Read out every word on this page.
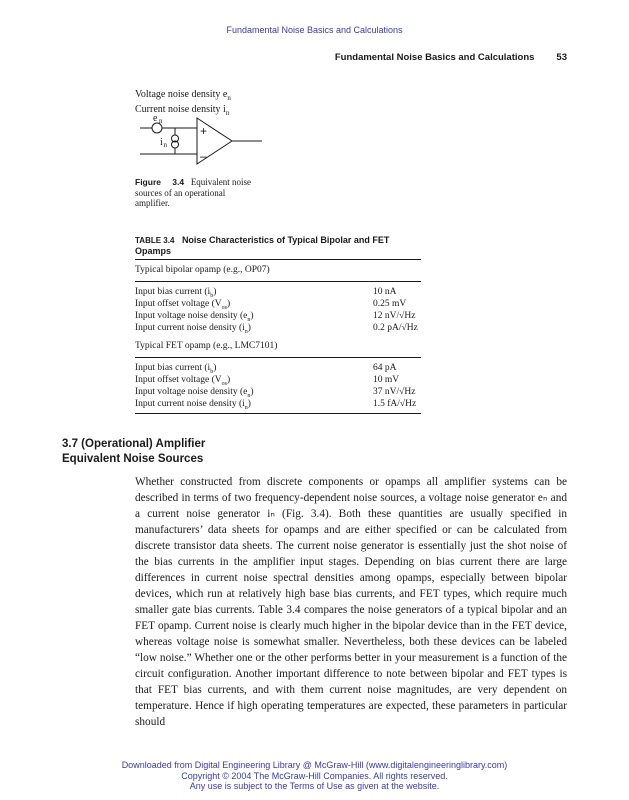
Fundamental Noise Basics and Calculations
Fundamental Noise Basics and Calculations 53
Voltage noise density $e_n$
Current noise density $i_n$
e n
i n
+
–
Figure 3.4 Equivalent noise sources of an operational amplifier.
TABLE 3.4 Noise Characteristics of Typical Bipolar and FET Opamps
Typical bipolar opamp (e.g., OP07)
Input bias current $(i_b)$	10 nA
Input offset voltage $(V_{os})$	0.25 mV
Input voltage noise density $(e_n)$	12 nV/√Hz
Input current noise density $(i_n)$	0.2 pA/√Hz
Typical FET opamp (e.g., LMC7101)
Input bias current $(i_b)$	64 pA
Input offset voltage $(V_{os})$	10 mV
Input voltage noise density $(e_n)$	37 nV/√Hz
Input current noise density $(i_n)$	1.5 fA/√Hz
3.7 (Operational) Amplifier
Equivalent Noise Sources
Whether constructed from discrete components or opamps all amplifier systems can be described in terms of two frequency-dependent noise sources, a voltage noise generator eₙ and a current noise generator iₙ (Fig. 3.4). Both these quantities are usually specified in manufacturers’ data sheets for opamps and are either specified or can be calculated from discrete transistor data sheets. The current noise generator is essentially just the shot noise of the bias currents in the amplifier input stages. Depending on bias current there are large differences in current noise spectral densities among opamps, especially between bipolar devices, which run at relatively high base bias currents, and FET types, which require much smaller gate bias currents. Table 3.4 compares the noise generators of a typical bipolar and an FET opamp. Current noise is clearly much higher in the bipolar device than in the FET device, whereas voltage noise is somewhat smaller. Nevertheless, both these devices can be labeled “low noise.” Whether one or the other performs better in your measurement is a function of the circuit configuration. Another important difference to note between bipolar and FET types is that FET bias currents, and with them current noise magnitudes, are very dependent on temperature. Hence if high operating temperatures are expected, these parameters in particular should
Downloaded from Digital Engineering Library @ McGraw-Hill (www.digitalengineeringlibrary.com)
Copyright © 2004 The McGraw-Hill Companies. All rights reserved.
Any use is subject to the Terms of Use as given at the website.
